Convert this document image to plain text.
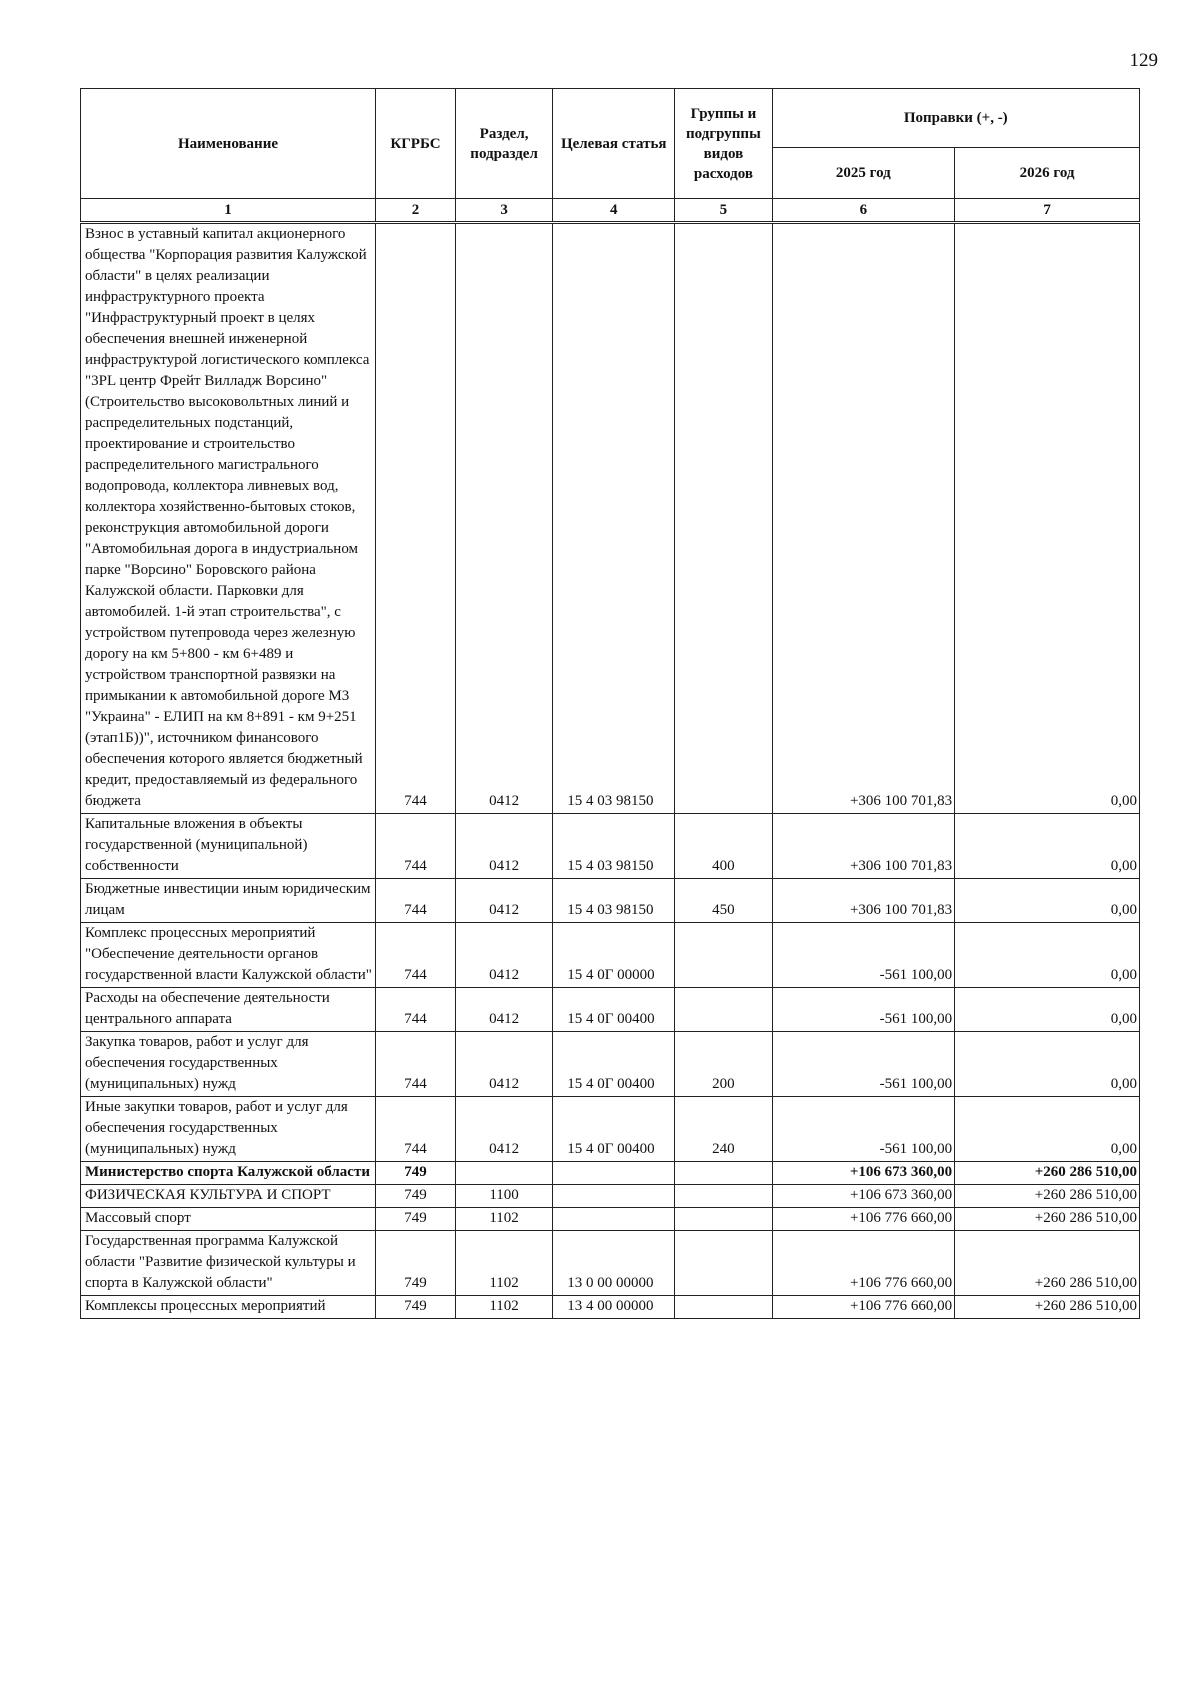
129
Наименование	КГРБС	Раздел, подраздел	Целевая статья	Группы и подгруппы видов расходов	Поправки (+, -)	
					2025 год	2026 год
1	2	3	4	5	6	7
Взнос в уставный капитал акционерного общества "Корпорация развития Калужской области" в целях реализации инфраструктурного проекта "Инфраструктурный проект в целях обеспечения внешней инженерной инфраструктурой логистического комплекса "3PL центр Фрейт Вилладж Ворсино" (Строительство высоковольтных линий и распределительных подстанций, проектирование и строительство распределительного магистрального водопровода, коллектора ливневых вод, коллектора хозяйственно-бытовых стоков, реконструкция автомобильной дороги "Автомобильная дорога в индустриальном парке "Ворсино" Боровского района Калужской области. Парковки для автомобилей. 1-й этап строительства", с устройством путепровода через железную дорогу на км 5+800 - км 6+489 и устройством транспортной развязки на примыкании к автомобильной дороге М3 "Украина" - ЕЛИП на км 8+891 - км 9+251 (этап1Б))", источником финансового обеспечения которого является бюджетный кредит, предоставляемый из федерального бюджета	744	0412	15 4 03 98150		+306 100 701,83	0,00
Капитальные вложения в объекты государственной (муниципальной) собственности	744	0412	15 4 03 98150	400	+306 100 701,83	0,00
Бюджетные инвестиции иным юридическим лицам	744	0412	15 4 03 98150	450	+306 100 701,83	0,00
Комплекс процессных мероприятий "Обеспечение деятельности органов государственной власти Калужской области"	744	0412	15 4 0Г 00000		-561 100,00	0,00
Расходы на обеспечение деятельности центрального аппарата	744	0412	15 4 0Г 00400		-561 100,00	0,00
Закупка товаров, работ и услуг для обеспечения государственных (муниципальных) нужд	744	0412	15 4 0Г 00400	200	-561 100,00	0,00
Иные закупки товаров, работ и услуг для обеспечения государственных (муниципальных) нужд	744	0412	15 4 0Г 00400	240	-561 100,00	0,00
Министерство спорта Калужской области	749				+106 673 360,00	+260 286 510,00
ФИЗИЧЕСКАЯ КУЛЬТУРА И СПОРТ	749	1100			+106 673 360,00	+260 286 510,00
Массовый спорт	749	1102			+106 776 660,00	+260 286 510,00
Государственная программа Калужской области "Развитие физической культуры и спорта в Калужской области"	749	1102	13 0 00 00000		+106 776 660,00	+260 286 510,00
Комплексы процессных мероприятий	749	1102	13 4 00 00000		+106 776 660,00	+260 286 510,00
